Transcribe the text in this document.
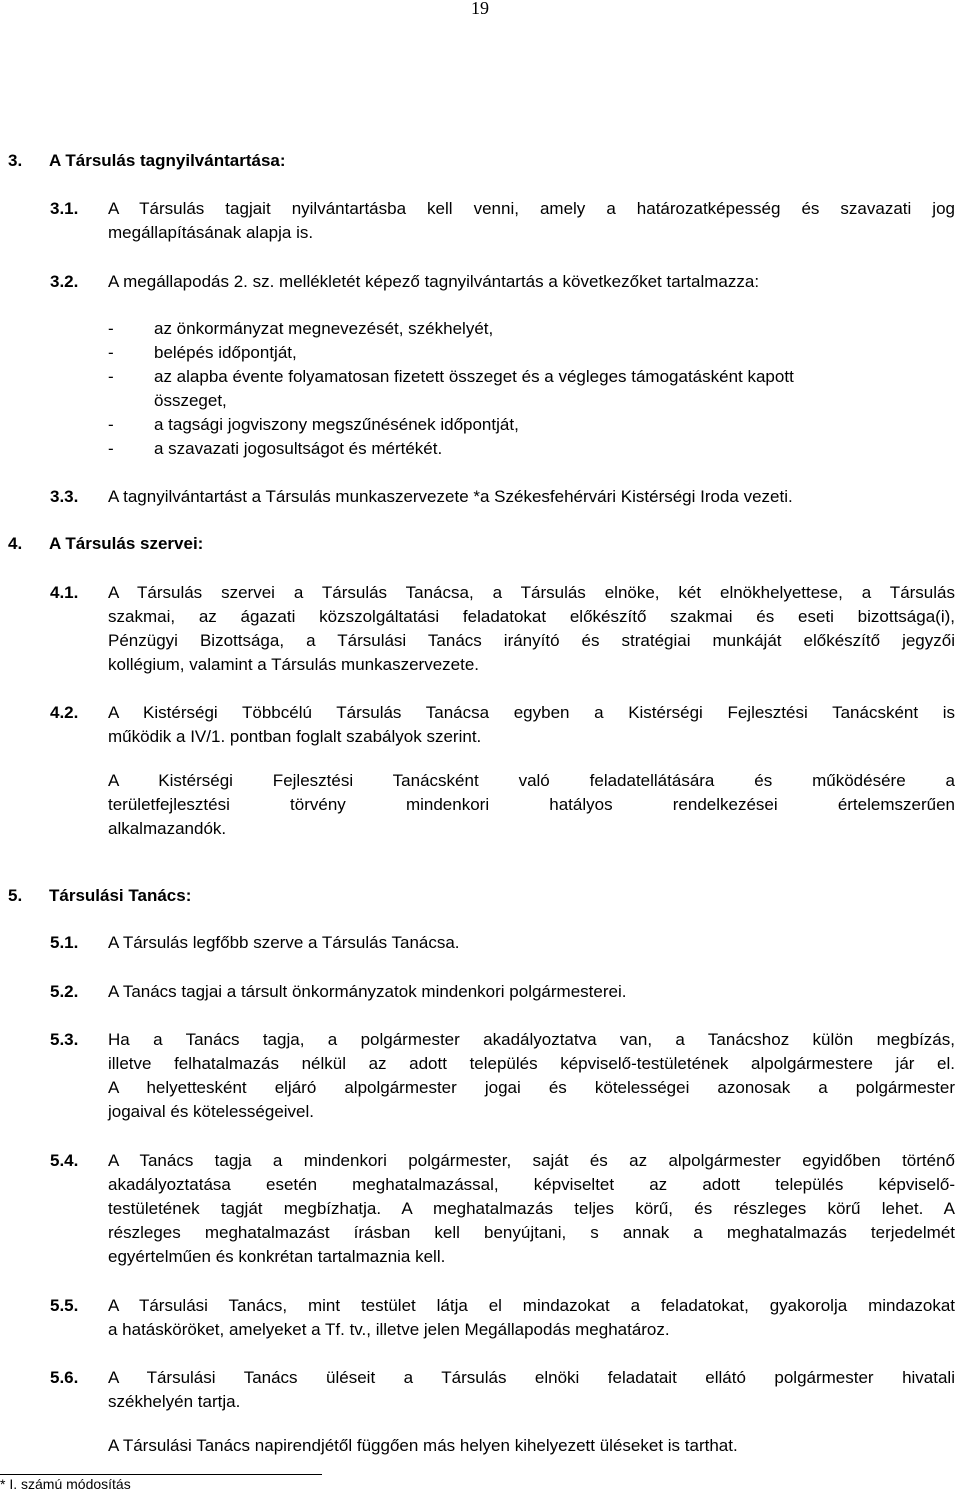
19
3. A Társulás tagnyilvántartása:
3.1. A Társulás tagjait nyilvántartásba kell venni, amely a határozatképesség és szavazati jog
megállapításának alapja is.
3.2. A megállapodás 2. sz. mellékletét képező tagnyilvántartás a következőket tartalmazza:
- az önkormányzat megnevezését, székhelyét,
- belépés időpontját,
- az alapba évente folyamatosan fizetett összeget és a végleges támogatásként kapott
összeget,
- a tagsági jogviszony megszűnésének időpontját,
- a szavazati jogosultságot és mértékét.
3.3. A tagnyilvántartást a Társulás munkaszervezete *a Székesfehérvári Kistérségi Iroda vezeti.
4. A Társulás szervei:
4.1. A Társulás szervei a Társulás Tanácsa, a Társulás elnöke, két elnökhelyettese, a Társulás
szakmai, az ágazati közszolgáltatási feladatokat előkészítő szakmai és eseti bizottsága(i),
Pénzügyi Bizottsága, a Társulási Tanács irányító és stratégiai munkáját előkészítő jegyzői
kollégium, valamint a Társulás munkaszervezete.
4.2. A Kistérségi Többcélú Társulás Tanácsa egyben a Kistérségi Fejlesztési Tanácsként is
működik a IV/1. pontban foglalt szabályok szerint.
A Kistérségi Fejlesztési Tanácsként való feladatellátására és működésére a
területfejlesztési törvény mindenkori hatályos rendelkezései értelemszerűen
alkalmazandók.
5. Társulási Tanács:
5.1. A Társulás legfőbb szerve a Társulás Tanácsa.
5.2. A Tanács tagjai a társult önkormányzatok mindenkori polgármesterei.
5.3. Ha a Tanács tagja, a polgármester akadályoztatva van, a Tanácshoz külön megbízás,
illetve felhatalmazás nélkül az adott település képviselő-testületének alpolgármestere jár el.
A helyettesként eljáró alpolgármester jogai és kötelességei azonosak a polgármester
jogaival és kötelességeivel.
5.4. A Tanács tagja a mindenkori polgármester, saját és az alpolgármester egyidőben történő
akadályoztatása esetén meghatalmazással, képviseltet az adott település képviselő-
testületének tagját megbízhatja. A meghatalmazás teljes körű, és részleges körű lehet. A
részleges meghatalmazást írásban kell benyújtani, s annak a meghatalmazás terjedelmét
egyértelműen és konkrétan tartalmaznia kell.
5.5. A Társulási Tanács, mint testület látja el mindazokat a feladatokat, gyakorolja mindazokat
a hatásköröket, amelyeket a Tf. tv., illetve jelen Megállapodás meghatároz.
5.6. A Társulási Tanács üléseit a Társulás elnöki feladatait ellátó polgármester hivatali
székhelyén tartja.
A Társulási Tanács napirendjétől függően más helyen kihelyezett üléseket is tarthat.
* I. számú módosítás
